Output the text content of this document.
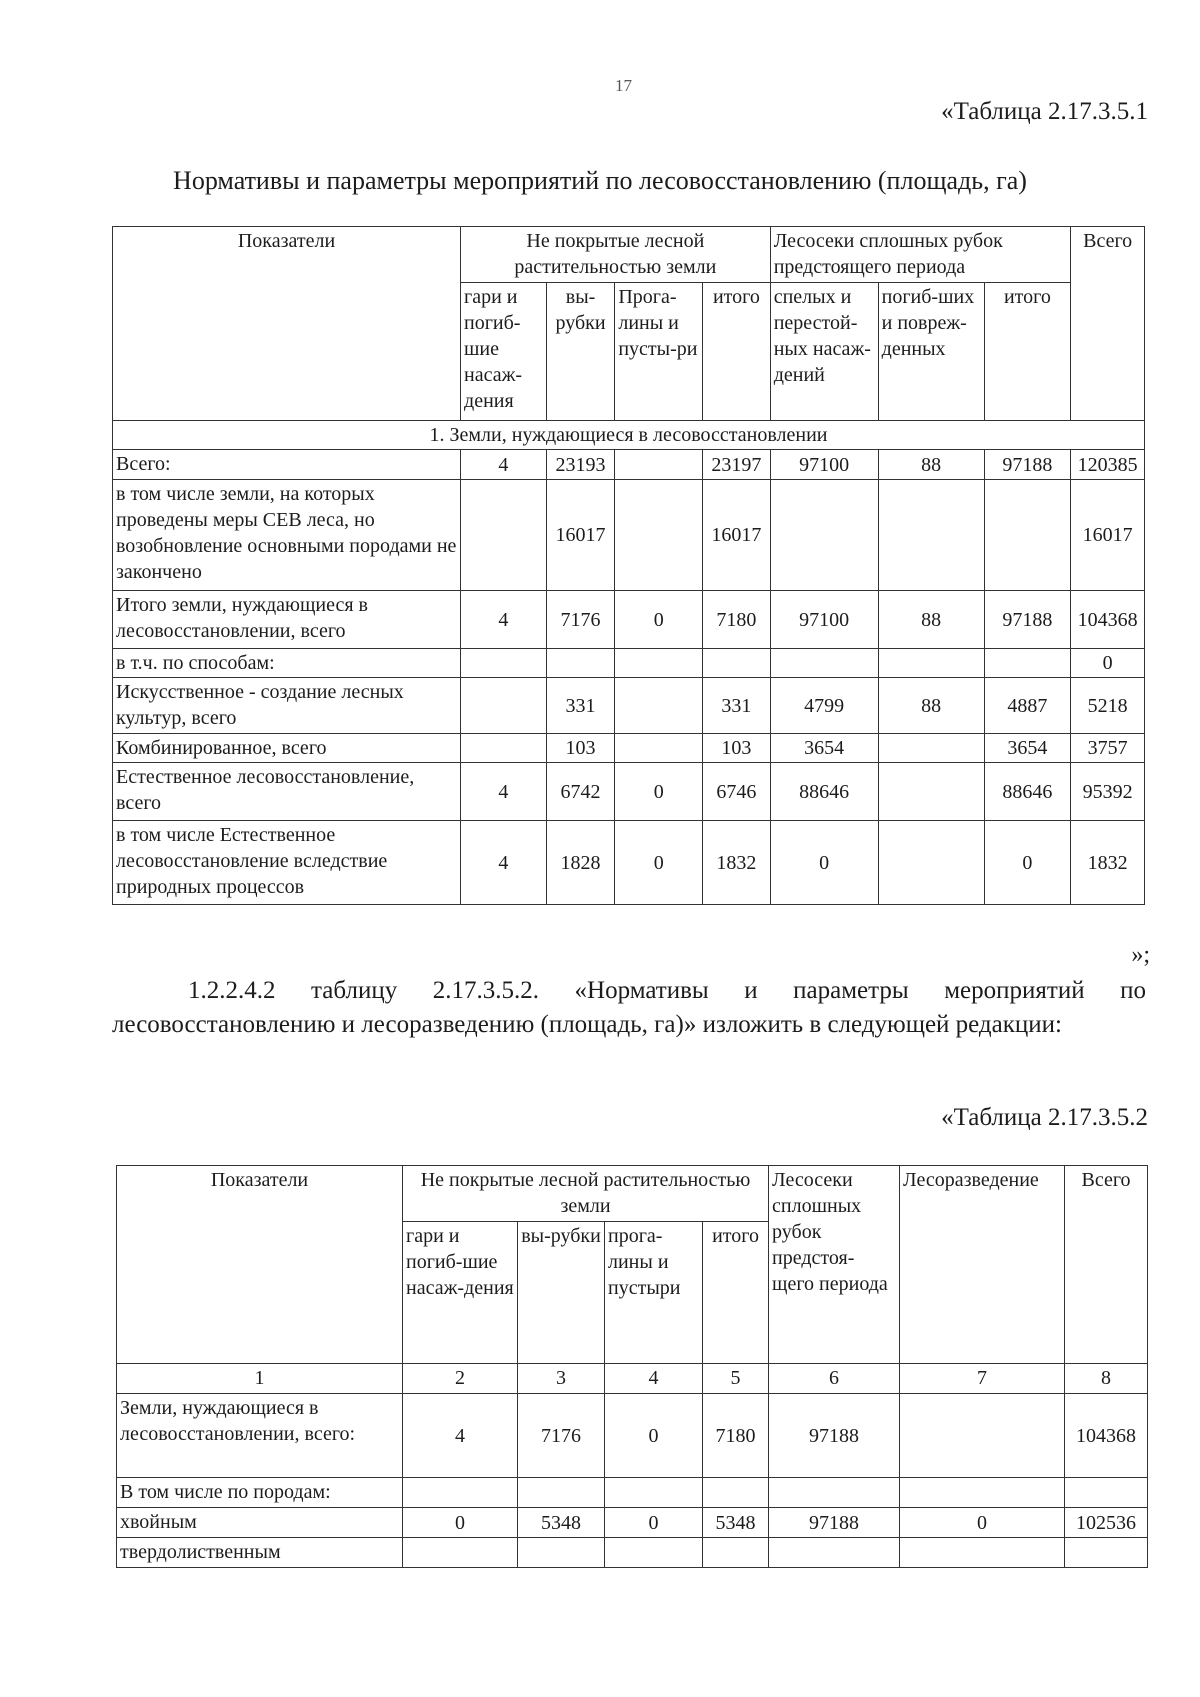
17
«Таблица 2.17.3.5.1
Нормативы и параметры мероприятий по лесовосстановлению (площадь, га)
Показатели	Не покрытые лесной растительностью земли				Лесосеки сплошных рубок предстоящего периода			Всего
	гари и погиб-шие насаж-дения	вы-рубки	Прога-лины и пусты-ри	итого	спелых и перестой-ных насаж-дений	погиб-ших и повреж-денных	итого	
1. Земли, нуждающиеся в лесовосстановлении								
Всего:	4	23193		23197	97100	88	97188	120385
в том числе земли, на которых проведены меры СЕВ леса, но возобновление основными породами не закончено		16017		16017				16017
Итого земли, нуждающиеся в лесовосстановлении, всего	4	7176	0	7180	97100	88	97188	104368
в т.ч. по способам:								0
Искусственное - создание лесных культур, всего		331		331	4799	88	4887	5218
Комбинированное, всего		103		103	3654		3654	3757
Естественное лесовосстановление, всего	4	6742	0	6746	88646		88646	95392
в том числе Естественное лесовосстановление вследствие природных процессов	4	1828	0	1832	0		0	1832
»;
1.2.2.4.2 таблицу 2.17.3.5.2. «Нормативы и параметры мероприятий по лесовосстановлению и лесоразведению (площадь, га)» изложить в следующей редакции:
«Таблица 2.17.3.5.2
Показатели	Не покрытые лесной растительностью земли				Лесосеки сплошных рубок предстоя-щего периода	Лесоразведение	Всего
	гари и погиб-шие насаж-дения	вы-рубки	прога-лины и пустыри	итого			
1	2	3	4	5	6	7	8
Земли, нуждающиеся в лесовосстановлении, всего:	4	7176	0	7180	97188		104368
В том числе по породам:							
хвойным	0	5348	0	5348	97188	0	102536
твердолиственным							
